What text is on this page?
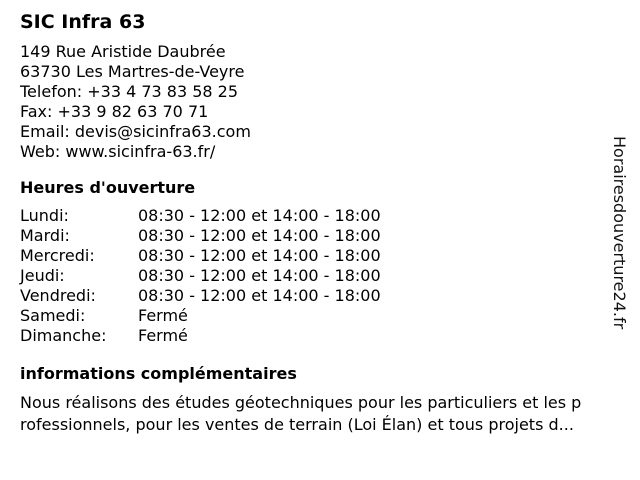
SIC Infra 63
149 Rue Aristide Daubrée
63730 Les Martres-de-Veyre
Telefon: +33 4 73 83 58 25
Fax: +33 9 82 63 70 71
Email: devis@sicinfra63.com
Web: www.sicinfra-63.fr/
Heures d'ouverture
Lundi:	08:30 - 12:00 et 14:00 - 18:00
Mardi:	08:30 - 12:00 et 14:00 - 18:00
Mercredi:	08:30 - 12:00 et 14:00 - 18:00
Jeudi:	08:30 - 12:00 et 14:00 - 18:00
Vendredi:	08:30 - 12:00 et 14:00 - 18:00
Samedi:	Fermé
Dimanche:	Fermé
informations complémentaires
Nous réalisons des études géotechniques pour les particuliers et les p
rofessionnels, pour les ventes de terrain (Loi Élan) et tous projets d...
Horairesdouverture24.fr
